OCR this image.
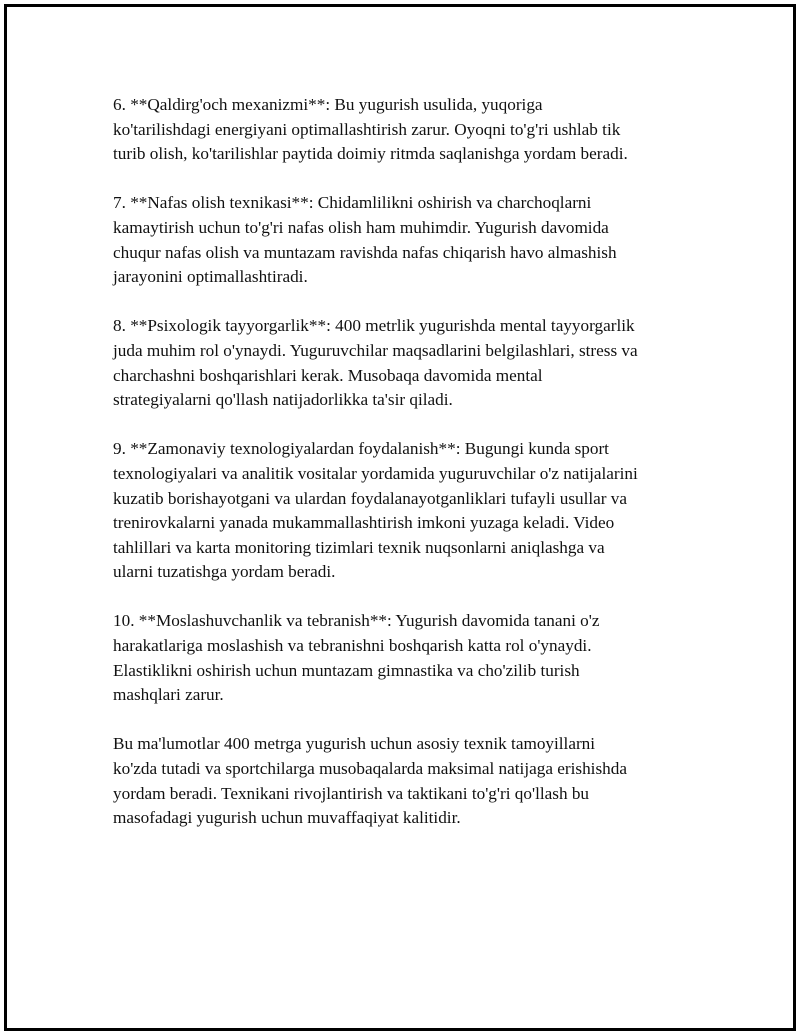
6. **Qaldirg'och mexanizmi**: Bu yugurish usulida, yuqoriga
ko'tarilishdagi energiyani optimallashtirish zarur. Oyoqni to'g'ri ushlab tik
turib olish, ko'tarilishlar paytida doimiy ritmda saqlanishga yordam beradi.

7. **Nafas olish texnikasi**: Chidamlilikni oshirish va charchoqlarni
kamaytirish uchun to'g'ri nafas olish ham muhimdir. Yugurish davomida
chuqur nafas olish va muntazam ravishda nafas chiqarish havo almashish
jarayonini optimallashtiradi.

8. **Psixologik tayyorgarlik**: 400 metrlik yugurishda mental tayyorgarlik
juda muhim rol o'ynaydi. Yuguruvchilar maqsadlarini belgilashlari, stress va
charchashni boshqarishlari kerak. Musobaqa davomida mental
strategiyalarni qo'llash natijadorlikka ta'sir qiladi.

9. **Zamonaviy texnologiyalardan foydalanish**: Bugungi kunda sport
texnologiyalari va analitik vositalar yordamida yuguruvchilar o'z natijalarini
kuzatib borishayotgani va ulardan foydalanayotganliklari tufayli usullar va
trenirovkalarni yanada mukammallashtirish imkoni yuzaga keladi. Video
tahlillari va karta monitoring tizimlari texnik nuqsonlarni aniqlashga va
ularni tuzatishga yordam beradi.

10. **Moslashuvchanlik va tebranish**: Yugurish davomida tanani o'z
harakatlariga moslashish va tebranishni boshqarish katta rol o'ynaydi.
Elastiklikni oshirish uchun muntazam gimnastika va cho'zilib turish
mashqlari zarur.

Bu ma'lumotlar 400 metrga yugurish uchun asosiy texnik tamoyillarni
ko'zda tutadi va sportchilarga musobaqalarda maksimal natijaga erishishda
yordam beradi. Texnikani rivojlantirish va taktikani to'g'ri qo'llash bu
masofadagi yugurish uchun muvaffaqiyat kalitidir.
